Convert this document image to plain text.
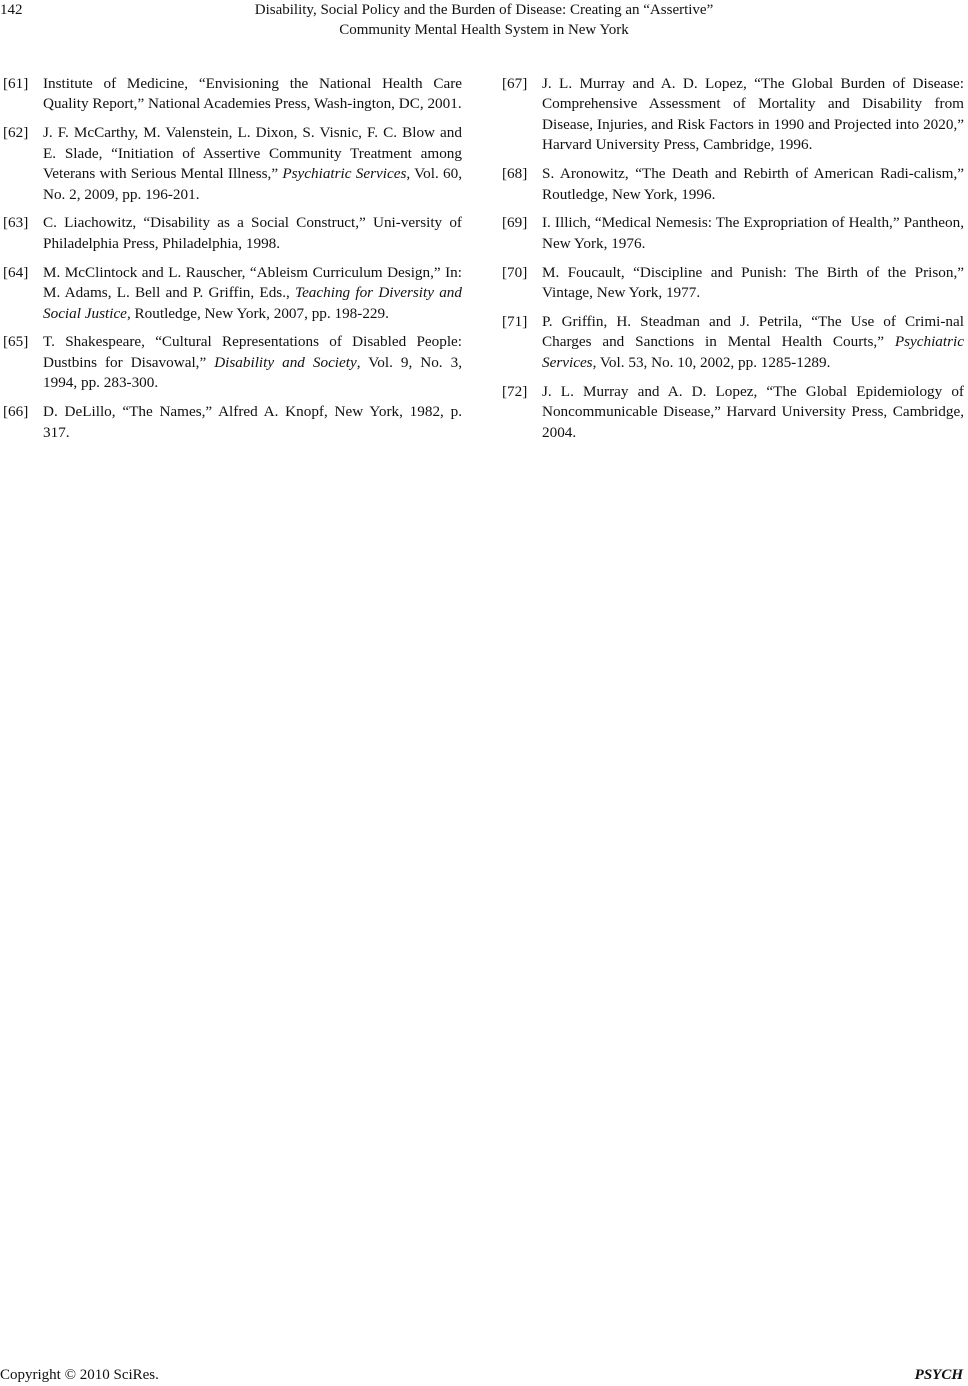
142	Disability, Social Policy and the Burden of Disease: Creating an “Assertive”
Community Mental Health System in New York
[61] Institute of Medicine, “Envisioning the National Health Care Quality Report,” National Academies Press, Wash-ington, DC, 2001.
[62] J. F. McCarthy, M. Valenstein, L. Dixon, S. Visnic, F. C. Blow and E. Slade, “Initiation of Assertive Community Treatment among Veterans with Serious Mental Illness,” Psychiatric Services, Vol. 60, No. 2, 2009, pp. 196-201.
[63] C. Liachowitz, “Disability as a Social Construct,” Uni-versity of Philadelphia Press, Philadelphia, 1998.
[64] M. McClintock and L. Rauscher, “Ableism Curriculum Design,” In: M. Adams, L. Bell and P. Griffin, Eds., Teaching for Diversity and Social Justice, Routledge, New York, 2007, pp. 198-229.
[65] T. Shakespeare, “Cultural Representations of Disabled People: Dustbins for Disavowal,” Disability and Society, Vol. 9, No. 3, 1994, pp. 283-300.
[66] D. DeLillo, “The Names,” Alfred A. Knopf, New York, 1982, p. 317.
[67] J. L. Murray and A. D. Lopez, “The Global Burden of Disease: Comprehensive Assessment of Mortality and Disability from Disease, Injuries, and Risk Factors in 1990 and Projected into 2020,” Harvard University Press, Cambridge, 1996.
[68] S. Aronowitz, “The Death and Rebirth of American Radi-calism,” Routledge, New York, 1996.
[69] I. Illich, “Medical Nemesis: The Expropriation of Health,” Pantheon, New York, 1976.
[70] M. Foucault, “Discipline and Punish: The Birth of the Prison,” Vintage, New York, 1977.
[71] P. Griffin, H. Steadman and J. Petrila, “The Use of Crimi-nal Charges and Sanctions in Mental Health Courts,” Psychiatric Services, Vol. 53, No. 10, 2002, pp. 1285-1289.
[72] J. L. Murray and A. D. Lopez, “The Global Epidemiology of Noncommunicable Disease,” Harvard University Press, Cambridge, 2004.
Copyright © 2010 SciRes.	PSYCH
